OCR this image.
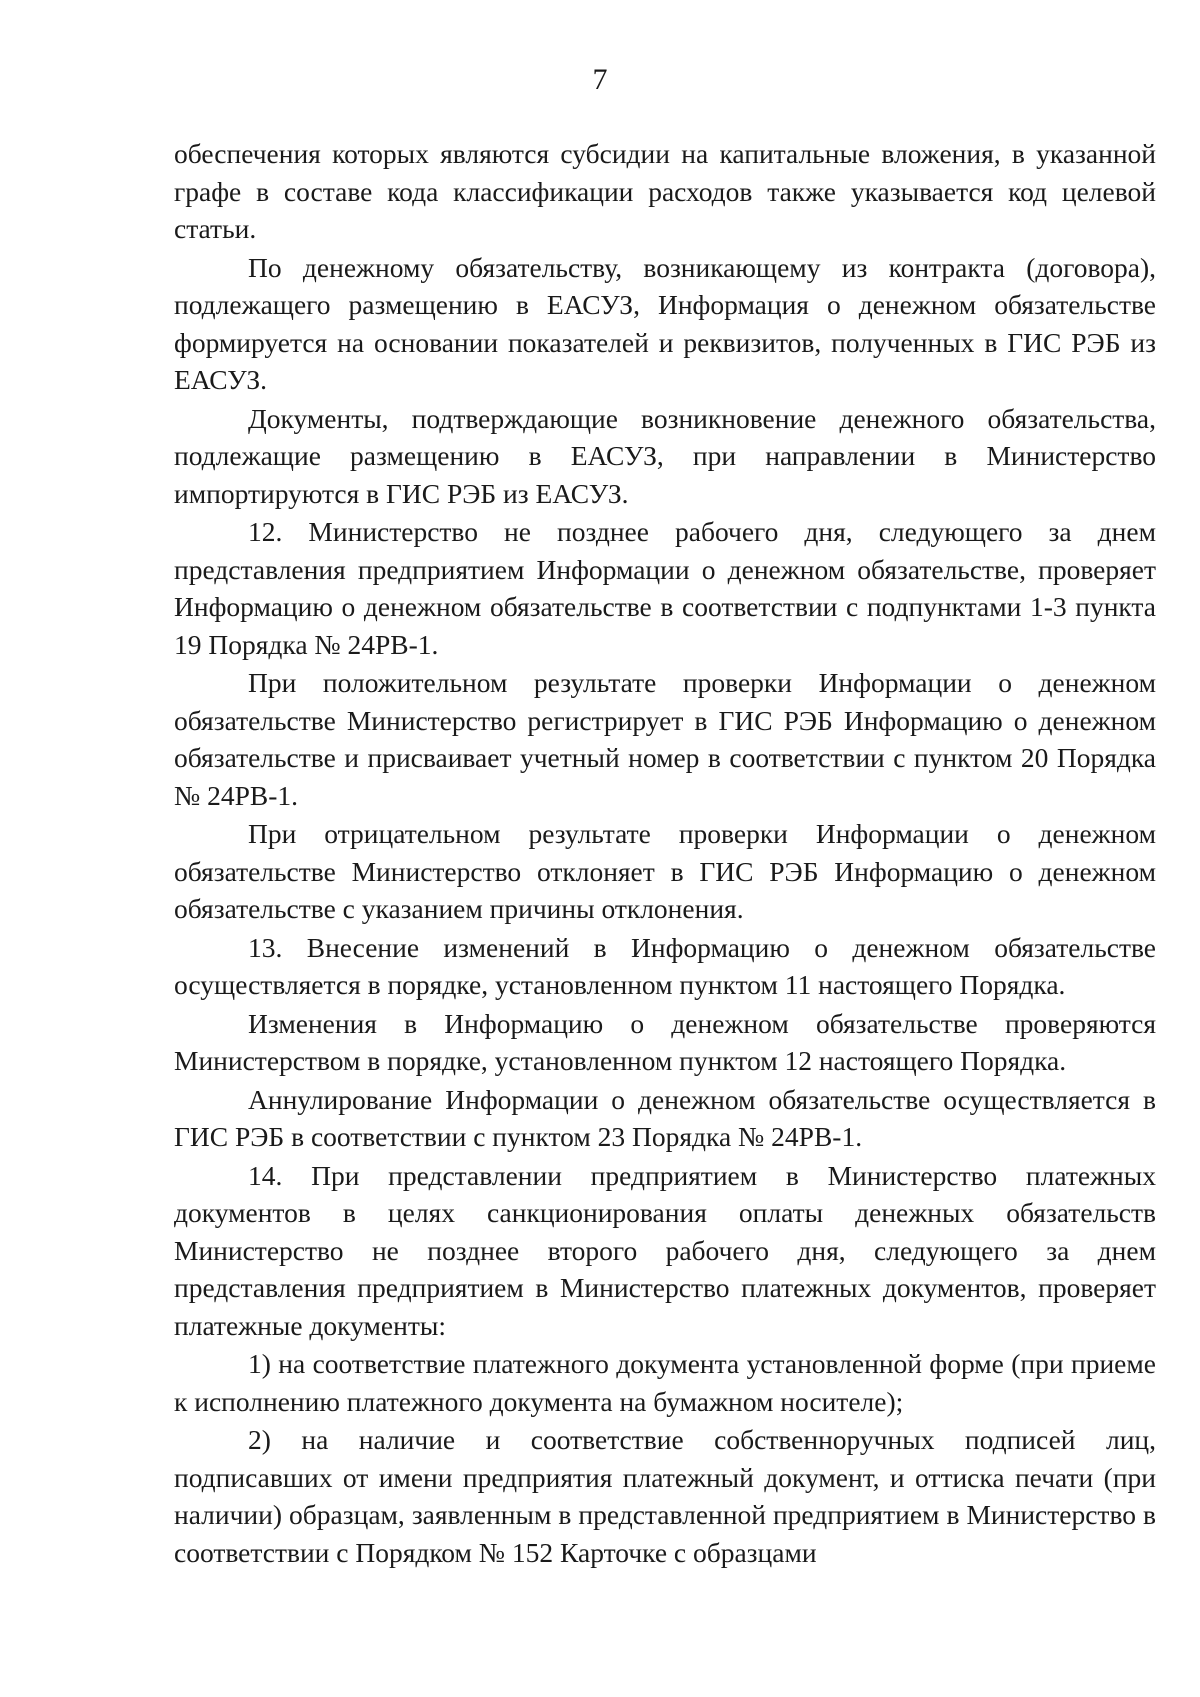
7

обеспечения которых являются субсидии на капитальные вложения, в указанной графе в составе кода классификации расходов также указывается код целевой статьи.

По денежному обязательству, возникающему из контракта (договора), подлежащего размещению в ЕАСУЗ, Информация о денежном обязательстве формируется на основании показателей и реквизитов, полученных в ГИС РЭБ из ЕАСУЗ.

Документы, подтверждающие возникновение денежного обязательства, подлежащие размещению в ЕАСУЗ, при направлении в Министерство импортируются в ГИС РЭБ из ЕАСУЗ.

12. Министерство не позднее рабочего дня, следующего за днем представления предприятием Информации о денежном обязательстве, проверяет Информацию о денежном обязательстве в соответствии с подпунктами 1-3 пункта 19 Порядка № 24РВ-1.

При положительном результате проверки Информации о денежном обязательстве Министерство регистрирует в ГИС РЭБ Информацию о денежном обязательстве и присваивает учетный номер в соответствии с пунктом 20 Порядка № 24РВ-1.

При отрицательном результате проверки Информации о денежном обязательстве Министерство отклоняет в ГИС РЭБ Информацию о денежном обязательстве с указанием причины отклонения.

13. Внесение изменений в Информацию о денежном обязательстве осуществляется в порядке, установленном пунктом 11 настоящего Порядка.

Изменения в Информацию о денежном обязательстве проверяются Министерством в порядке, установленном пунктом 12 настоящего Порядка.

Аннулирование Информации о денежном обязательстве осуществляется в ГИС РЭБ в соответствии с пунктом 23 Порядка № 24РВ-1.

14. При представлении предприятием в Министерство платежных документов в целях санкционирования оплаты денежных обязательств Министерство не позднее второго рабочего дня, следующего за днем представления предприятием в Министерство платежных документов, проверяет платежные документы:

1) на соответствие платежного документа установленной форме (при приеме к исполнению платежного документа на бумажном носителе);

2) на наличие и соответствие собственноручных подписей лиц, подписавших от имени предприятия платежный документ, и оттиска печати (при наличии) образцам, заявленным в представленной предприятием в Министерство в соответствии с Порядком № 152 Карточке с образцами
